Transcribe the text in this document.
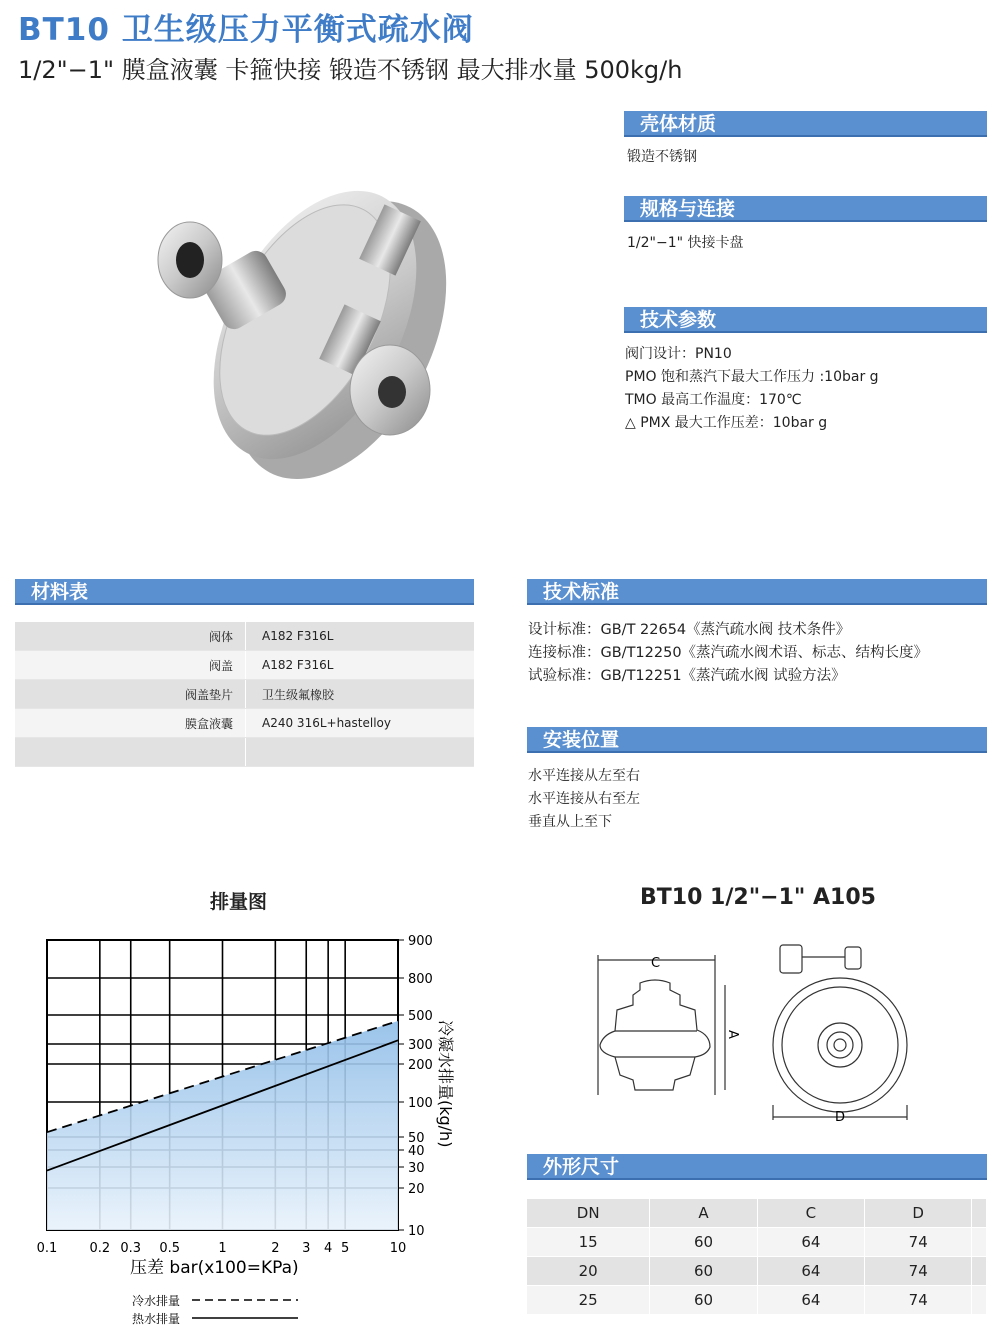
BT10 卫生级压力平衡式疏水阀
1/2"−1" 膜盒液囊 卡箍快接 锻造不锈钢 最大排水量 500kg/h
壳体材质
锻造不锈钢
规格与连接
1/2"−1" 快接卡盘
技术参数
阀门设计：PN10
PMO 饱和蒸汽下最大工作压力 :10bar g
TMO 最高工作温度：170℃
△ PMX 最大工作压差：10bar g
材料表
阀体	A182 F316L
阀盖	A182 F316L
阀盖垫片	卫生级氟橡胶
膜盒液囊	A240 316L+hastelloy

技术标准
设计标准：GB/T 22654《蒸汽疏水阀 技术条件》
连接标准：GB/T12250《蒸汽疏水阀术语、标志、结构长度》
试验标准：GB/T12251《蒸汽疏水阀 试验方法》
安装位置
水平连接从左至右
水平连接从右至左
垂直从上至下
排量图
0.1 0.2 0.3 0.5	1	2 3 4 5	10
900
800
500
300
200
100
50
40
30
20
10
压差 bar(x100=KPa)
冷凝水排量(kg/h)
冷水排量
热水排量
BT10 1/2"−1" A105
C
A
D
外形尺寸
DN	A	C	D	
15	60	64	74	
20	60	64	74	
25	60	64	74	
